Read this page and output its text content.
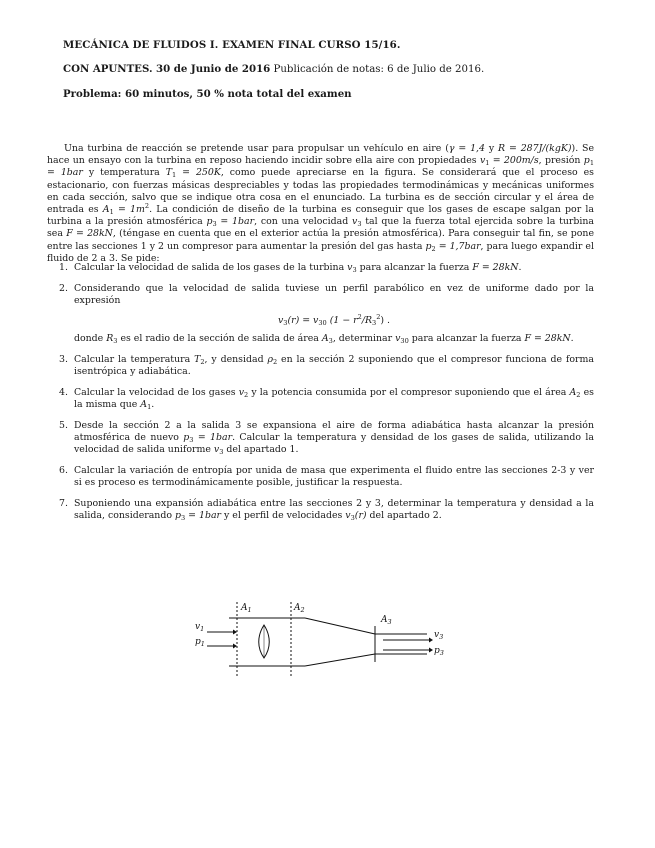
MECÁNICA DE FLUIDOS I. EXAMEN FINAL CURSO 15/16.
CON APUNTES. 30 de Junio de 2016 Publicación de notas: 6 de Julio de 2016.
Problema: 60 minutos, 50 % nota total del examen

Una turbina de reacción se pretende usar para propulsar un vehículo en aire (γ = 1,4 y R = 287J/(kgK)). Se hace un ensayo con la turbina en reposo haciendo incidir sobre ella aire con propiedades $v_1 = 200m/s$, presión $p_1 = 1bar$ y temperatura $T_1 = 250K$, como puede apreciarse en la figura. Se considerará que el proceso es estacionario, con fuerzas másicas despreciables y todas las propiedades termodinámicas y mecánicas uniformes en cada sección, salvo que se indique otra cosa en el enunciado. La turbina es de sección circular y el área de entrada es $A_1 = 1m^2$. La condición de diseño de la turbina es conseguir que los gases de escape salgan por la turbina a la presión atmosférica $p_3 = 1bar$, con una velocidad $v_3$ tal que la fuerza total ejercida sobre la turbina sea F = 28kN, (téngase en cuenta que en el exterior actúa la presión atmosférica). Para conseguir tal fin, se pone entre las secciones 1 y 2 un compresor para aumentar la presión del gas hasta $p_2 = 1,7bar$, para luego expandir el fluido de 2 a 3. Se pide:

1. Calcular la velocidad de salida de los gases de la turbina $v_3$ para alcanzar la fuerza F = 28kN.
2. Considerando que la velocidad de salida tuviese un perfil parabólico en vez de uniforme dado por la expresión
$v_3(r) = v_{30}$ $(1 - r^2/R_3^2)$ .
donde $R_3$ es el radio de la sección de salida de área $A_3$, determinar $v_{30}$ para alcanzar la fuerza F = 28kN.
3. Calcular la temperatura $T_2$, y densidad $\rho_2$ en la sección 2 suponiendo que el compresor funciona de forma isentrópica y adiabática.
4. Calcular la velocidad de los gases $v_2$ y la potencia consumida por el compresor suponiendo que el área $A_2$ es la misma que $A_1$.
5. Desde la sección 2 a la salida 3 se expansiona el aire de forma adiabática hasta alcanzar la presión atmosférica de nuevo $p_3 = 1bar$. Calcular la temperatura y densidad de los gases de salida, utilizando la velocidad de salida uniforme $v_3$ del apartado 1.
6. Calcular la variación de entropía por unida de masa que experimenta el fluido entre las secciones 2-3 y ver si es proceso es termodinámicamente posible, justificar la respuesta.
7. Suponiendo una expansión adiabática entre las secciones 2 y 3, determinar la temperatura y densidad a la salida, considerando $p_3 = 1bar$ y el perfil de velocidades $v_3(r)$ del apartado 2.
$A_1$	$A_2$
$A_3$
$v_1$
$p_1$
$v_3$
$p_3$
